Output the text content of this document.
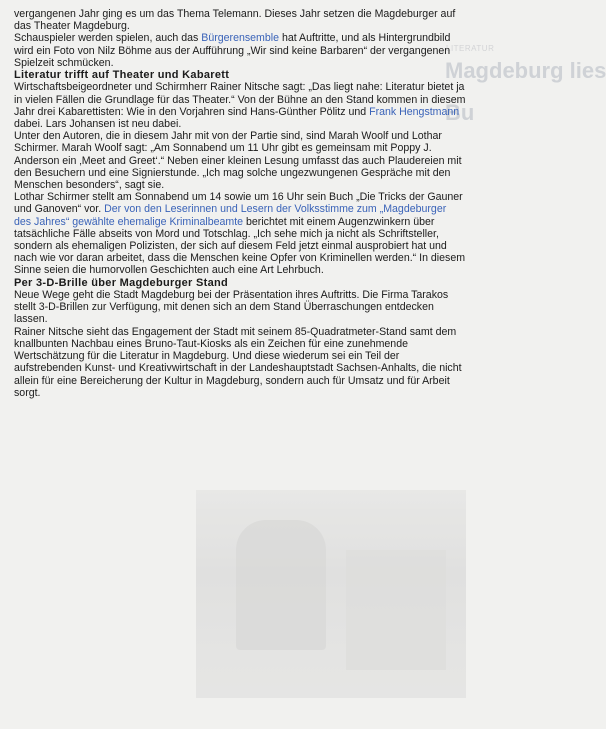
LITERATUR
Magdeburg lies
Bu

vergangenen Jahr ging es um das Thema Telemann. Dieses Jahr setzen die Magdeburger auf das Theater Magdeburg.

Schauspieler werden spielen, auch das Bürgerensemble hat Auftritte, und als Hintergrundbild wird ein Foto von Nilz Böhme aus der Aufführung „Wir sind keine Barbaren“ der vergangenen Spielzeit schmücken.

Literatur trifft auf Theater und Kabarett

Wirtschaftsbeigeordneter und Schirmherr Rainer Nitsche sagt: „Das liegt nahe: Literatur bietet ja in vielen Fällen die Grundlage für das Theater.“ Von der Bühne an den Stand kommen in diesem Jahr drei Kabarettisten: Wie in den Vorjahren sind Hans-Günther Pölitz und Frank Hengstmann dabei. Lars Johansen ist neu dabei.

Unter den Autoren, die in diesem Jahr mit von der Partie sind, sind Marah Woolf und Lothar Schirmer. Marah Woolf sagt: „Am Sonnabend um 11 Uhr gibt es gemeinsam mit Poppy J. Anderson ein ‚Meet and Greet‘.“ Neben einer kleinen Lesung umfasst das auch Plaudereien mit den Besuchern und eine Signierstunde. „Ich mag solche ungezwungenen Gespräche mit den Menschen besonders“, sagt sie.

Lothar Schirmer stellt am Sonnabend um 14 sowie um 16 Uhr sein Buch „Die Tricks der Gauner und Ganoven“ vor. Der von den Leserinnen und Lesern der Volksstimme zum „Magdeburger des Jahres“ gewählte ehemalige Kriminalbeamte berichtet mit einem Augenzwinkern über tatsächliche Fälle abseits von Mord und Totschlag. „Ich sehe mich ja nicht als Schriftsteller, sondern als ehemaligen Polizisten, der sich auf diesem Feld jetzt einmal ausprobiert hat und nach wie vor daran arbeitet, dass die Menschen keine Opfer von Kriminellen werden.“ In diesem Sinne seien die humorvollen Geschichten auch eine Art Lehrbuch.

Per 3-D-Brille über Magdeburger Stand

Neue Wege geht die Stadt Magdeburg bei der Präsentation ihres Auftritts. Die Firma Tarakos stellt 3-D-Brillen zur Verfügung, mit denen sich an dem Stand Überraschungen entdecken lassen.

Rainer Nitsche sieht das Engagement der Stadt mit seinem 85-Quadratmeter-Stand samt dem knallbunten Nachbau eines Bruno-Taut-Kiosks als ein Zeichen für eine zunehmende Wertschätzung für die Literatur in Magdeburg. Und diese wiederum sei ein Teil der aufstrebenden Kunst- und Kreativwirtschaft in der Landeshauptstadt Sachsen-Anhalts, die nicht allein für eine Bereicherung der Kultur in Magdeburg, sondern auch für Umsatz und für Arbeit sorgt.
